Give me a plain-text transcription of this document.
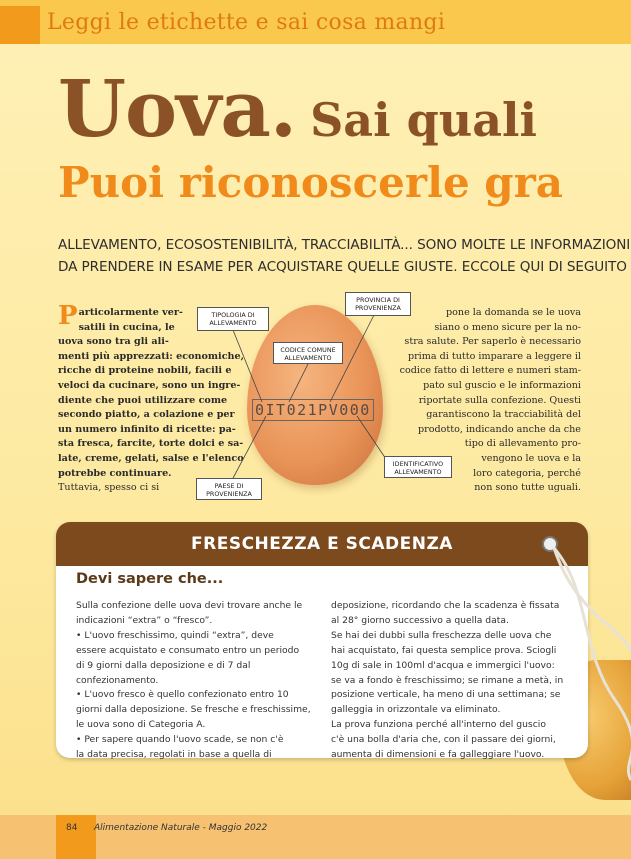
Leggi le etichette e sai cosa mangi
Uova. Sai quali
Puoi riconoscerle gra
ALLEVAMENTO, ECOSOSTENIBILITÀ, TRACCIABILITÀ... SONO MOLTE LE INFORMAZIONI
DA PRENDERE IN ESAME PER ACQUISTARE QUELLE GIUSTE. ECCOLE QUI DI SEGUITO
Particolarmente ver-
satili in cucina, le
uova sono tra gli ali-
menti più apprezzati: economiche,
ricche di proteine nobili, facili e
veloci da cucinare, sono un ingre-
diente che puoi utilizzare come
secondo piatto, a colazione e per
un numero infinito di ricette: pa-
sta fresca, farcite, torte dolci e sa-
late, creme, gelati, salse e l'elenco
potrebbe continuare.
Tuttavia, spesso ci si
pone la domanda se le uova
siano o meno sicure per la no-
stra salute. Per saperlo è necessario
prima di tutto imparare a leggere il
codice fatto di lettere e numeri stam-
pato sul guscio e le informazioni
riportate sulla confezione. Questi
garantiscono la tracciabilità del
prodotto, indicando anche da che
tipo di allevamento pro-
vengono le uova e la
loro categoria, perché
non sono tutte uguali.
0IT021PV000
TIPOLOGIA DI
ALLEVAMENTO
PROVINCIA DI
PROVENIENZA
CODICE COMUNE
ALLEVAMENTO
IDENTIFICATIVO
ALLEVAMENTO
PAESE DI
PROVENIENZA
FRESCHEZZA E SCADENZA
Devi sapere che...
Sulla confezione delle uova devi trovare anche le
indicazioni “extra” o “fresco”.
• L'uovo freschissimo, quindi “extra”, deve
essere acquistato e consumato entro un periodo
di 9 giorni dalla deposizione e di 7 dal
confezionamento.
• L'uovo fresco è quello confezionato entro 10
giorni dalla deposizione. Se fresche e freschissime,
le uova sono di Categoria A.
• Per sapere quando l'uovo scade, se non c'è
la data precisa, regolati in base a quella di
deposizione, ricordando che la scadenza è fissata
al 28° giorno successivo a quella data.
Se hai dei dubbi sulla freschezza delle uova che
hai acquistato, fai questa semplice prova. Sciogli
10g di sale in 100ml d'acqua e immergici l'uovo:
se va a fondo è freschissimo; se rimane a metà, in
posizione verticale, ha meno di una settimana; se
galleggia in orizzontale va eliminato.
La prova funziona perché all'interno del guscio
c'è una bolla d'aria che, con il passare dei giorni,
aumenta di dimensioni e fa galleggiare l'uovo.
84 Alimentazione Naturale - Maggio 2022
